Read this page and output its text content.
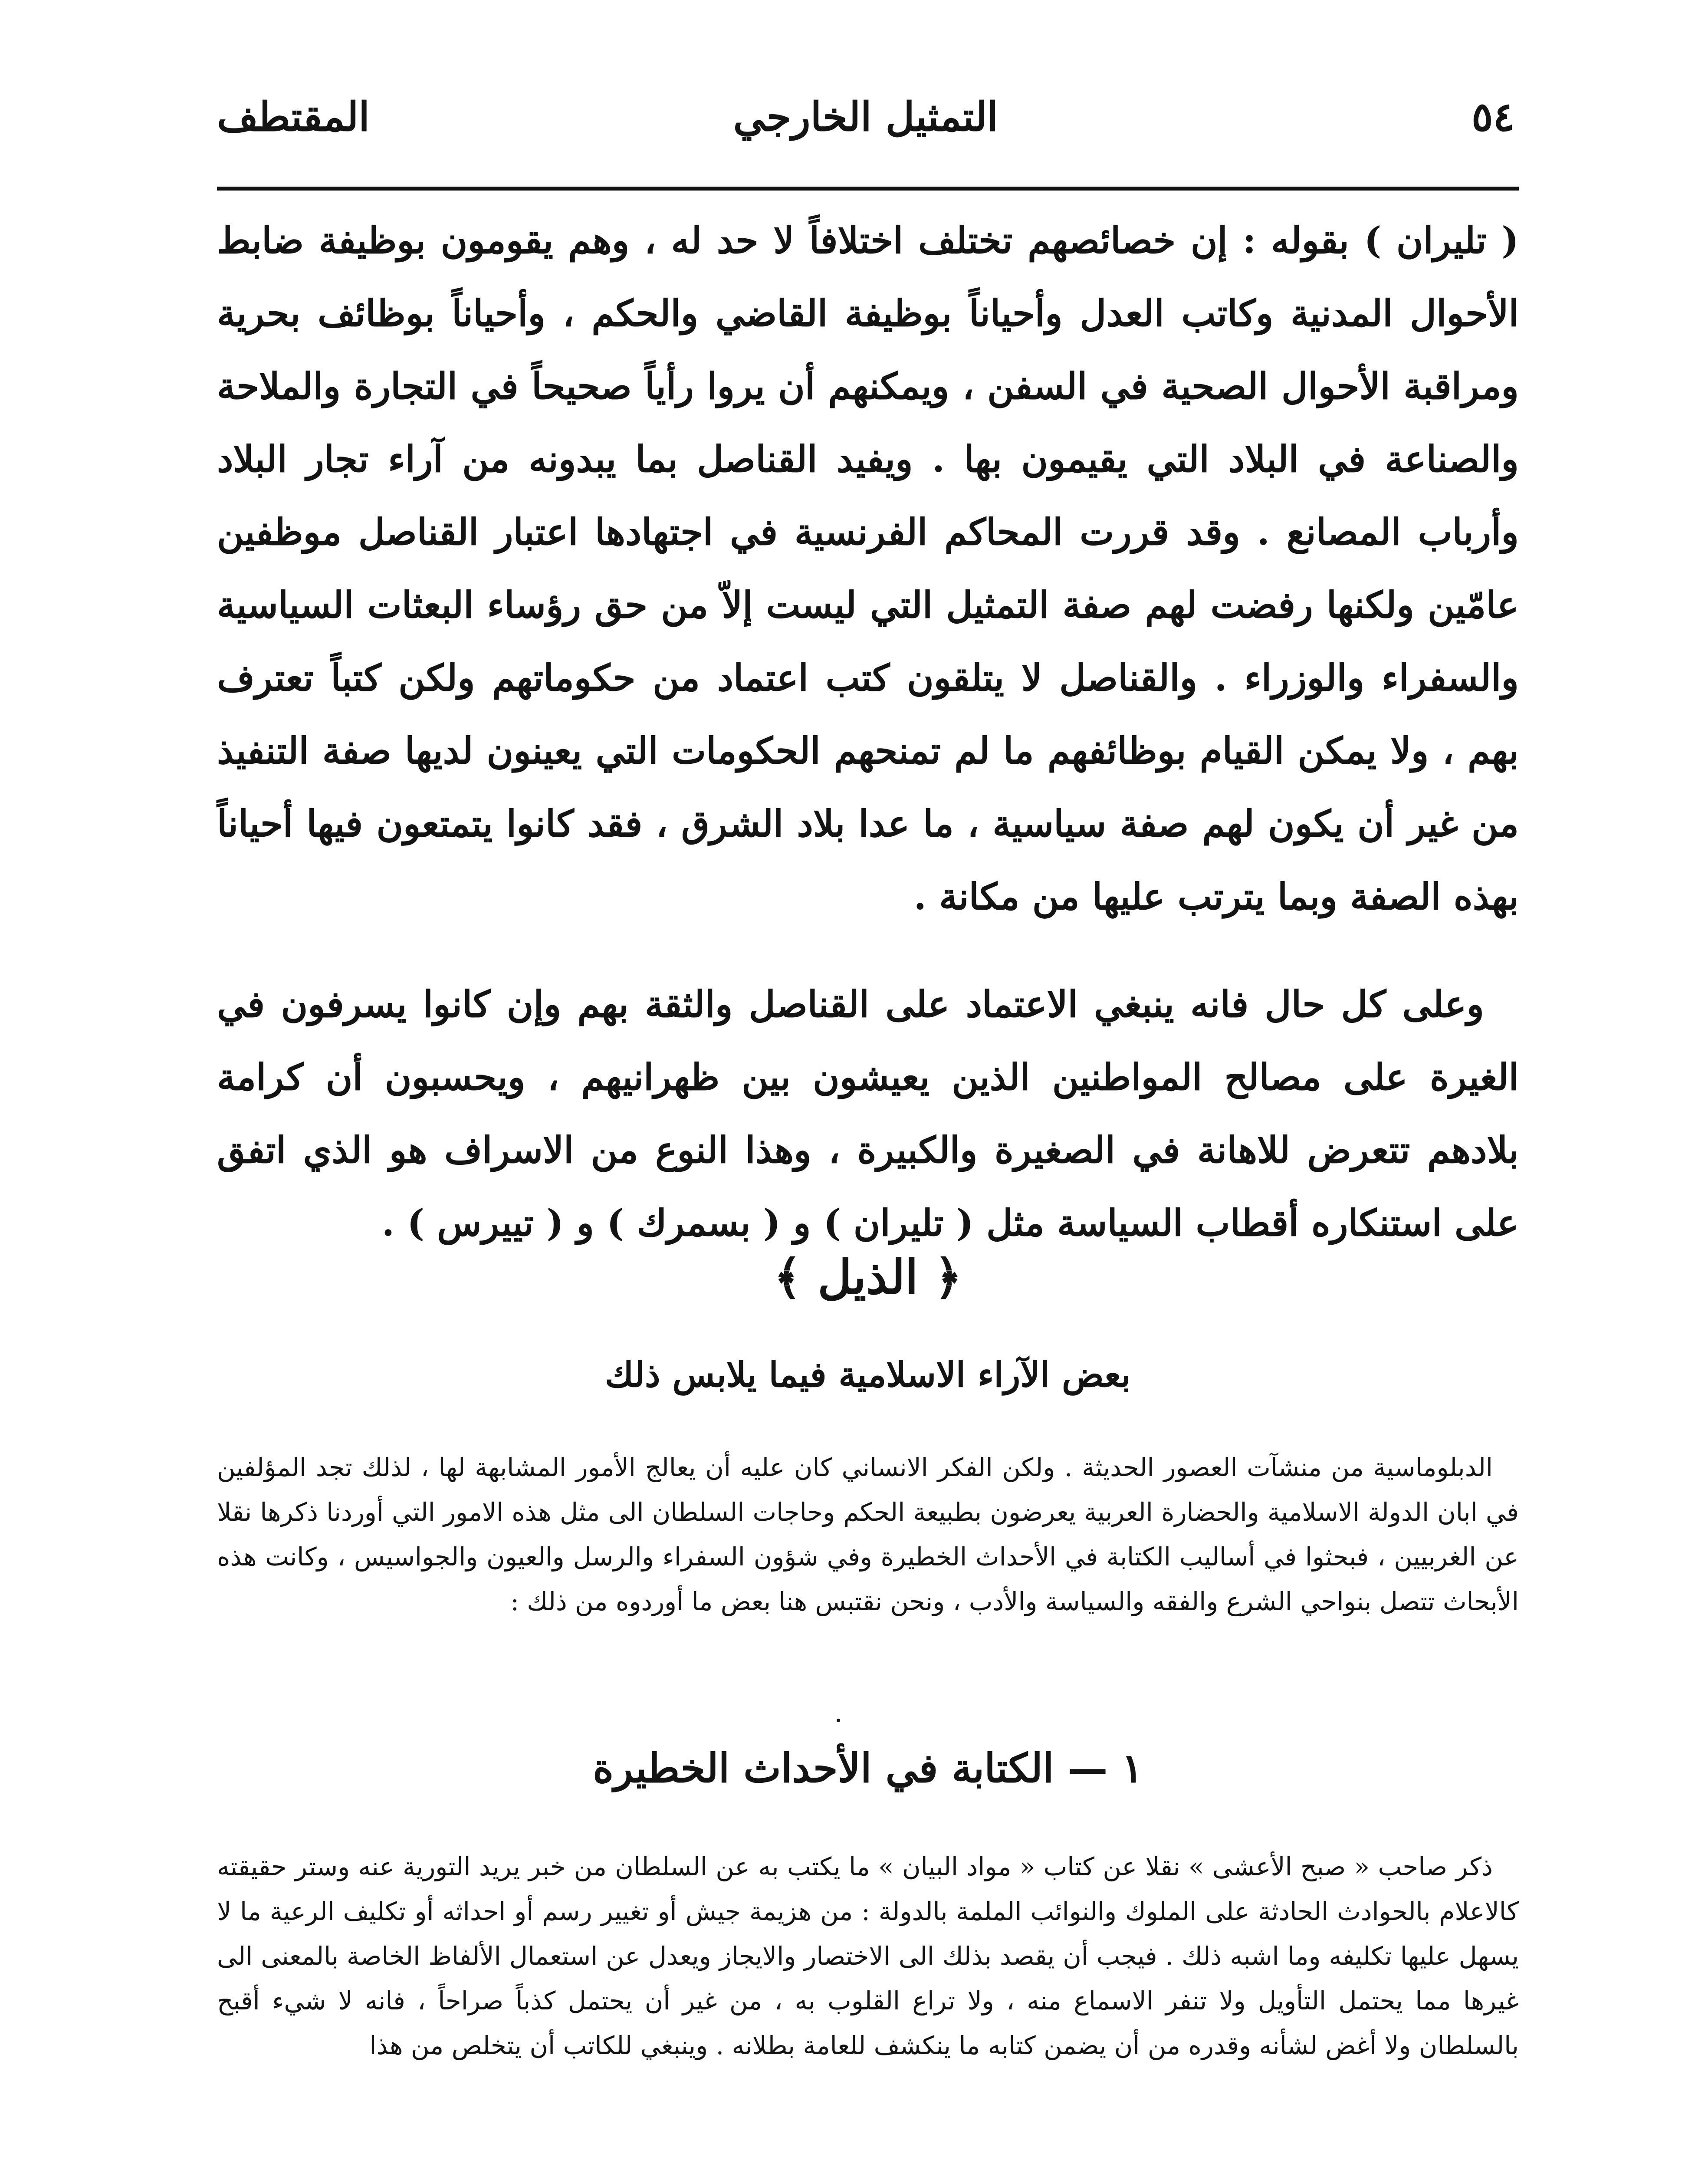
٥٤
التمثيل الخارجي
المقتطف

( تليران ) بقوله : إن خصائصهم تختلف اختلافاً لا حد له ، وهم يقومون بوظيفة ضابط الأحوال المدنية وكاتب العدل وأحياناً بوظيفة القاضي والحكم ، وأحياناً بوظائف بحرية ومراقبة الأحوال الصحية في السفن ، ويمكنهم أن يروا رأياً صحيحاً في التجارة والملاحة والصناعة في البلاد التي يقيمون بها . ويفيد القناصل بما يبدونه من آراء تجار البلاد وأرباب المصانع . وقد قررت المحاكم الفرنسية في اجتهادها اعتبار القناصل موظفين عامّين ولكنها رفضت لهم صفة التمثيل التي ليست إلاّ من حق رؤساء البعثات السياسية والسفراء والوزراء . والقناصل لا يتلقون كتب اعتماد من حكوماتهم ولكن كتباً تعترف بهم ، ولا يمكن القيام بوظائفهم ما لم تمنحهم الحكومات التي يعينون لديها صفة التنفيذ من غير أن يكون لهم صفة سياسية ، ما عدا بلاد الشرق ، فقد كانوا يتمتعون فيها أحياناً بهذه الصفة وبما يترتب عليها من مكانة .

وعلى كل حال فانه ينبغي الاعتماد على القناصل والثقة بهم وإن كانوا يسرفون في الغيرة على مصالح المواطنين الذين يعيشون بين ظهرانيهم ، ويحسبون أن كرامة بلادهم تتعرض للاهانة في الصغيرة والكبيرة ، وهذا النوع من الاسراف هو الذي اتفق على استنكاره أقطاب السياسة مثل ( تليران ) و ( بسمرك ) و ( تييرس ) .

﴿ الذيل ﴾
بعض الآراء الاسلامية فيما يلابس ذلك

الدبلوماسية من منشآت العصور الحديثة . ولكن الفكر الانساني كان عليه أن يعالج الأمور المشابهة لها ، لذلك تجد المؤلفين في ابان الدولة الاسلامية والحضارة العربية يعرضون بطبيعة الحكم وحاجات السلطان الى مثل هذه الامور التي أوردنا ذكرها نقلا عن الغربيين ، فبحثوا في أساليب الكتابة في الأحداث الخطيرة وفي شؤون السفراء والرسل والعيون والجواسيس ، وكانت هذه الأبحاث تتصل بنواحي الشرع والفقه والسياسة والأدب ، ونحن نقتبس هنا بعض ما أوردوه من ذلك :

١ — الكتابة في الأحداث الخطيرة

ذكر صاحب « صبح الأعشى » نقلا عن كتاب « مواد البيان » ما يكتب به عن السلطان من خبر يريد التورية عنه وستر حقيقته كالاعلام بالحوادث الحادثة على الملوك والنوائب الملمة بالدولة : من هزيمة جيش أو تغيير رسم أو احداثه أو تكليف الرعية ما لا يسهل عليها تكليفه وما اشبه ذلك . فيجب أن يقصد بذلك الى الاختصار والايجاز ويعدل عن استعمال الألفاظ الخاصة بالمعنى الى غيرها مما يحتمل التأويل ولا تنفر الاسماع منه ، ولا تراع القلوب به ، من غير أن يحتمل كذباً صراحاً ، فانه لا شيء أقبح بالسلطان ولا أغض لشأنه وقدره من أن يضمن كتابه ما ينكشف للعامة بطلانه . وينبغي للكاتب أن يتخلص من هذا
